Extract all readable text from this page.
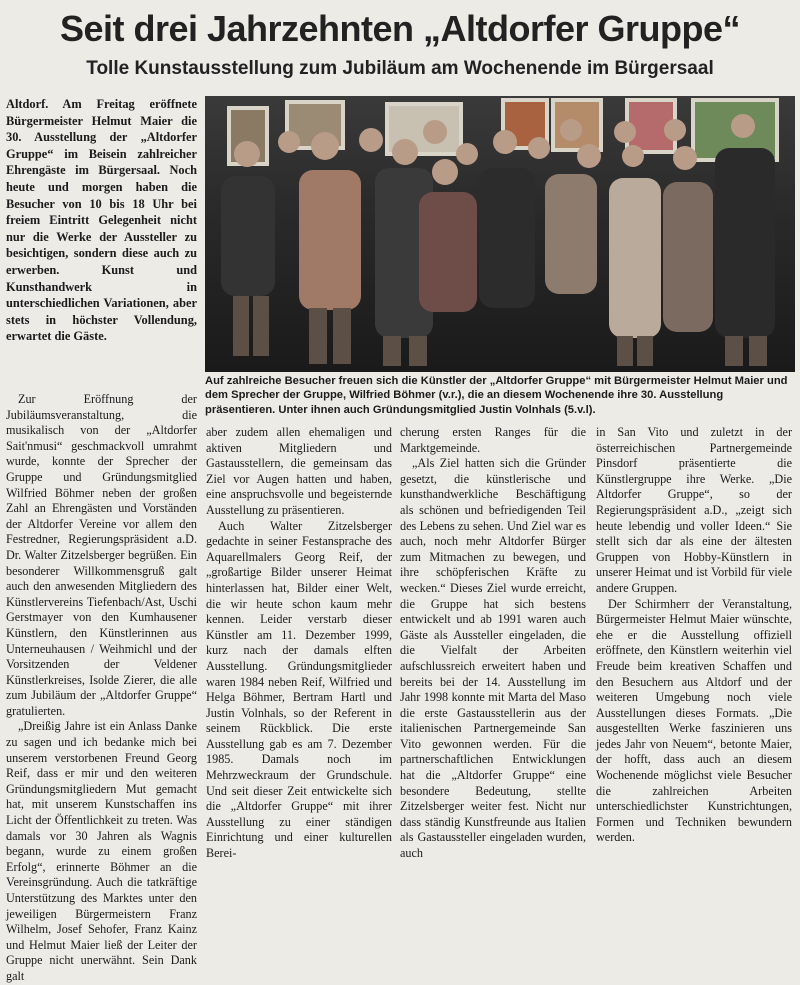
Seit drei Jahrzehnten „Altdorfer Gruppe“
Tolle Kunstausstellung zum Jubiläum am Wochenende im Bürgersaal

Altdorf. Am Freitag eröffnete Bürgermeister Helmut Maier die 30. Ausstellung der „Altdorfer Gruppe“ im Beisein zahlreicher Ehrengäste im Bürgersaal. Noch heute und morgen haben die Besucher von 10 bis 18 Uhr bei freiem Eintritt Gelegenheit nicht nur die Werke der Aussteller zu besichtigen, sondern diese auch zu erwerben. Kunst und Kunsthandwerk in unterschiedlichen Variationen, aber stets in höchster Vollendung, erwartet die Gäste.

Auf zahlreiche Besucher freuen sich die Künstler der „Altdorfer Gruppe“ mit Bürgermeister Helmut Maier und dem Sprecher der Gruppe, Wilfried Böhmer (v.r.), die an diesem Wochenende ihre 30. Ausstellung präsentieren. Unter ihnen auch Gründungsmitglied Justin Volnhals (5.v.l).

Zur Eröffnung der Jubiläumsveranstaltung, die musikalisch von der „Altdorfer Sait'nmusi“ geschmackvoll umrahmt wurde, konnte der Sprecher der Gruppe und Gründungsmitglied Wilfried Böhmer neben der großen Zahl an Ehrengästen und Vorständen der Altdorfer Vereine vor allem den Festredner, Regierungspräsident a.D. Dr. Walter Zitzelsberger begrüßen. Ein besonderer Willkommensgruß galt auch den anwesenden Mitgliedern des Künstlervereins Tiefenbach/Ast, Uschi Gerstmayer von den Kumhausener Künstlern, den Künstlerinnen aus Unterneuhausen / Weihmichl und der Vorsitzenden der Veldener Künstlerkreises, Isolde Zierer, die alle zum Jubiläum der „Altdorfer Gruppe“ gratulierten.

„Dreißig Jahre ist ein Anlass Danke zu sagen und ich bedanke mich bei unserem verstorbenen Freund Georg Reif, dass er mir und den weiteren Gründungsmitgliedern Mut gemacht hat, mit unserem Kunstschaffen ins Licht der Öffentlichkeit zu treten. Was damals vor 30 Jahren als Wagnis begann, wurde zu einem großen Erfolg“, erinnerte Böhmer an die Vereinsgründung. Auch die tatkräftige Unterstützung des Marktes unter den jeweiligen Bürgermeistern Franz Wilhelm, Josef Sehofer, Franz Kainz und Helmut Maier ließ der Leiter der Gruppe nicht unerwähnt. Sein Dank galt

aber zudem allen ehemaligen und aktiven Mitgliedern und Gastausstellern, die gemeinsam das Ziel vor Augen hatten und haben, eine anspruchsvolle und begeisternde Ausstellung zu präsentieren.

Auch Walter Zitzelsberger gedachte in seiner Festansprache des Aquarellmalers Georg Reif, der „großartige Bilder unserer Heimat hinterlassen hat, Bilder einer Welt, die wir heute schon kaum mehr kennen. Leider verstarb dieser Künstler am 11. Dezember 1999, kurz nach der damals elften Ausstellung. Gründungsmitglieder waren 1984 neben Reif, Wilfried und Helga Böhmer, Bertram Hartl und Justin Volnhals, so der Referent in seinem Rückblick. Die erste Ausstellung gab es am 7. Dezember 1985. Damals noch im Mehrzweckraum der Grundschule. Und seit dieser Zeit entwickelte sich die „Altdorfer Gruppe“ mit ihrer Ausstellung zu einer ständigen Einrichtung und einer kulturellen Berei-

cherung ersten Ranges für die Marktgemeinde.

„Als Ziel hatten sich die Gründer gesetzt, die künstlerische und kunsthandwerkliche Beschäftigung als schönen und befriedigenden Teil des Lebens zu sehen. Und Ziel war es auch, noch mehr Altdorfer Bürger zum Mitmachen zu bewegen, und ihre schöpferischen Kräfte zu wecken.“ Dieses Ziel wurde erreicht, die Gruppe hat sich bestens entwickelt und ab 1991 waren auch Gäste als Aussteller eingeladen, die die Vielfalt der Arbeiten aufschlussreich erweitert haben und bereits bei der 14. Ausstellung im Jahr 1998 konnte mit Marta del Maso die erste Gastausstellerin aus der italienischen Partnergemeinde San Vito gewonnen werden. Für die partnerschaftlichen Entwicklungen hat die „Altdorfer Gruppe“ eine besondere Bedeutung, stellte Zitzelsberger weiter fest. Nicht nur dass ständig Kunstfreunde aus Italien als Gastaussteller eingeladen wurden, auch

in San Vito und zuletzt in der österreichischen Partnergemeinde Pinsdorf präsentierte die Künstlergruppe ihre Werke. „Die Altdorfer Gruppe“, so der Regierungspräsident a.D., „zeigt sich heute lebendig und voller Ideen.“ Sie stellt sich dar als eine der ältesten Gruppen von Hobby-Künstlern in unserer Heimat und ist Vorbild für viele andere Gruppen.

Der Schirmherr der Veranstaltung, Bürgermeister Helmut Maier wünschte, ehe er die Ausstellung offiziell eröffnete, den Künstlern weiterhin viel Freude beim kreativen Schaffen und den Besuchern aus Altdorf und der weiteren Umgebung noch viele Ausstellungen dieses Formats. „Die ausgestellten Werke faszinieren uns jedes Jahr von Neuem“, betonte Maier, der hofft, dass auch an diesem Wochenende möglichst viele Besucher die zahlreichen Arbeiten unterschiedlichster Kunstrichtungen, Formen und Techniken bewundern werden.
